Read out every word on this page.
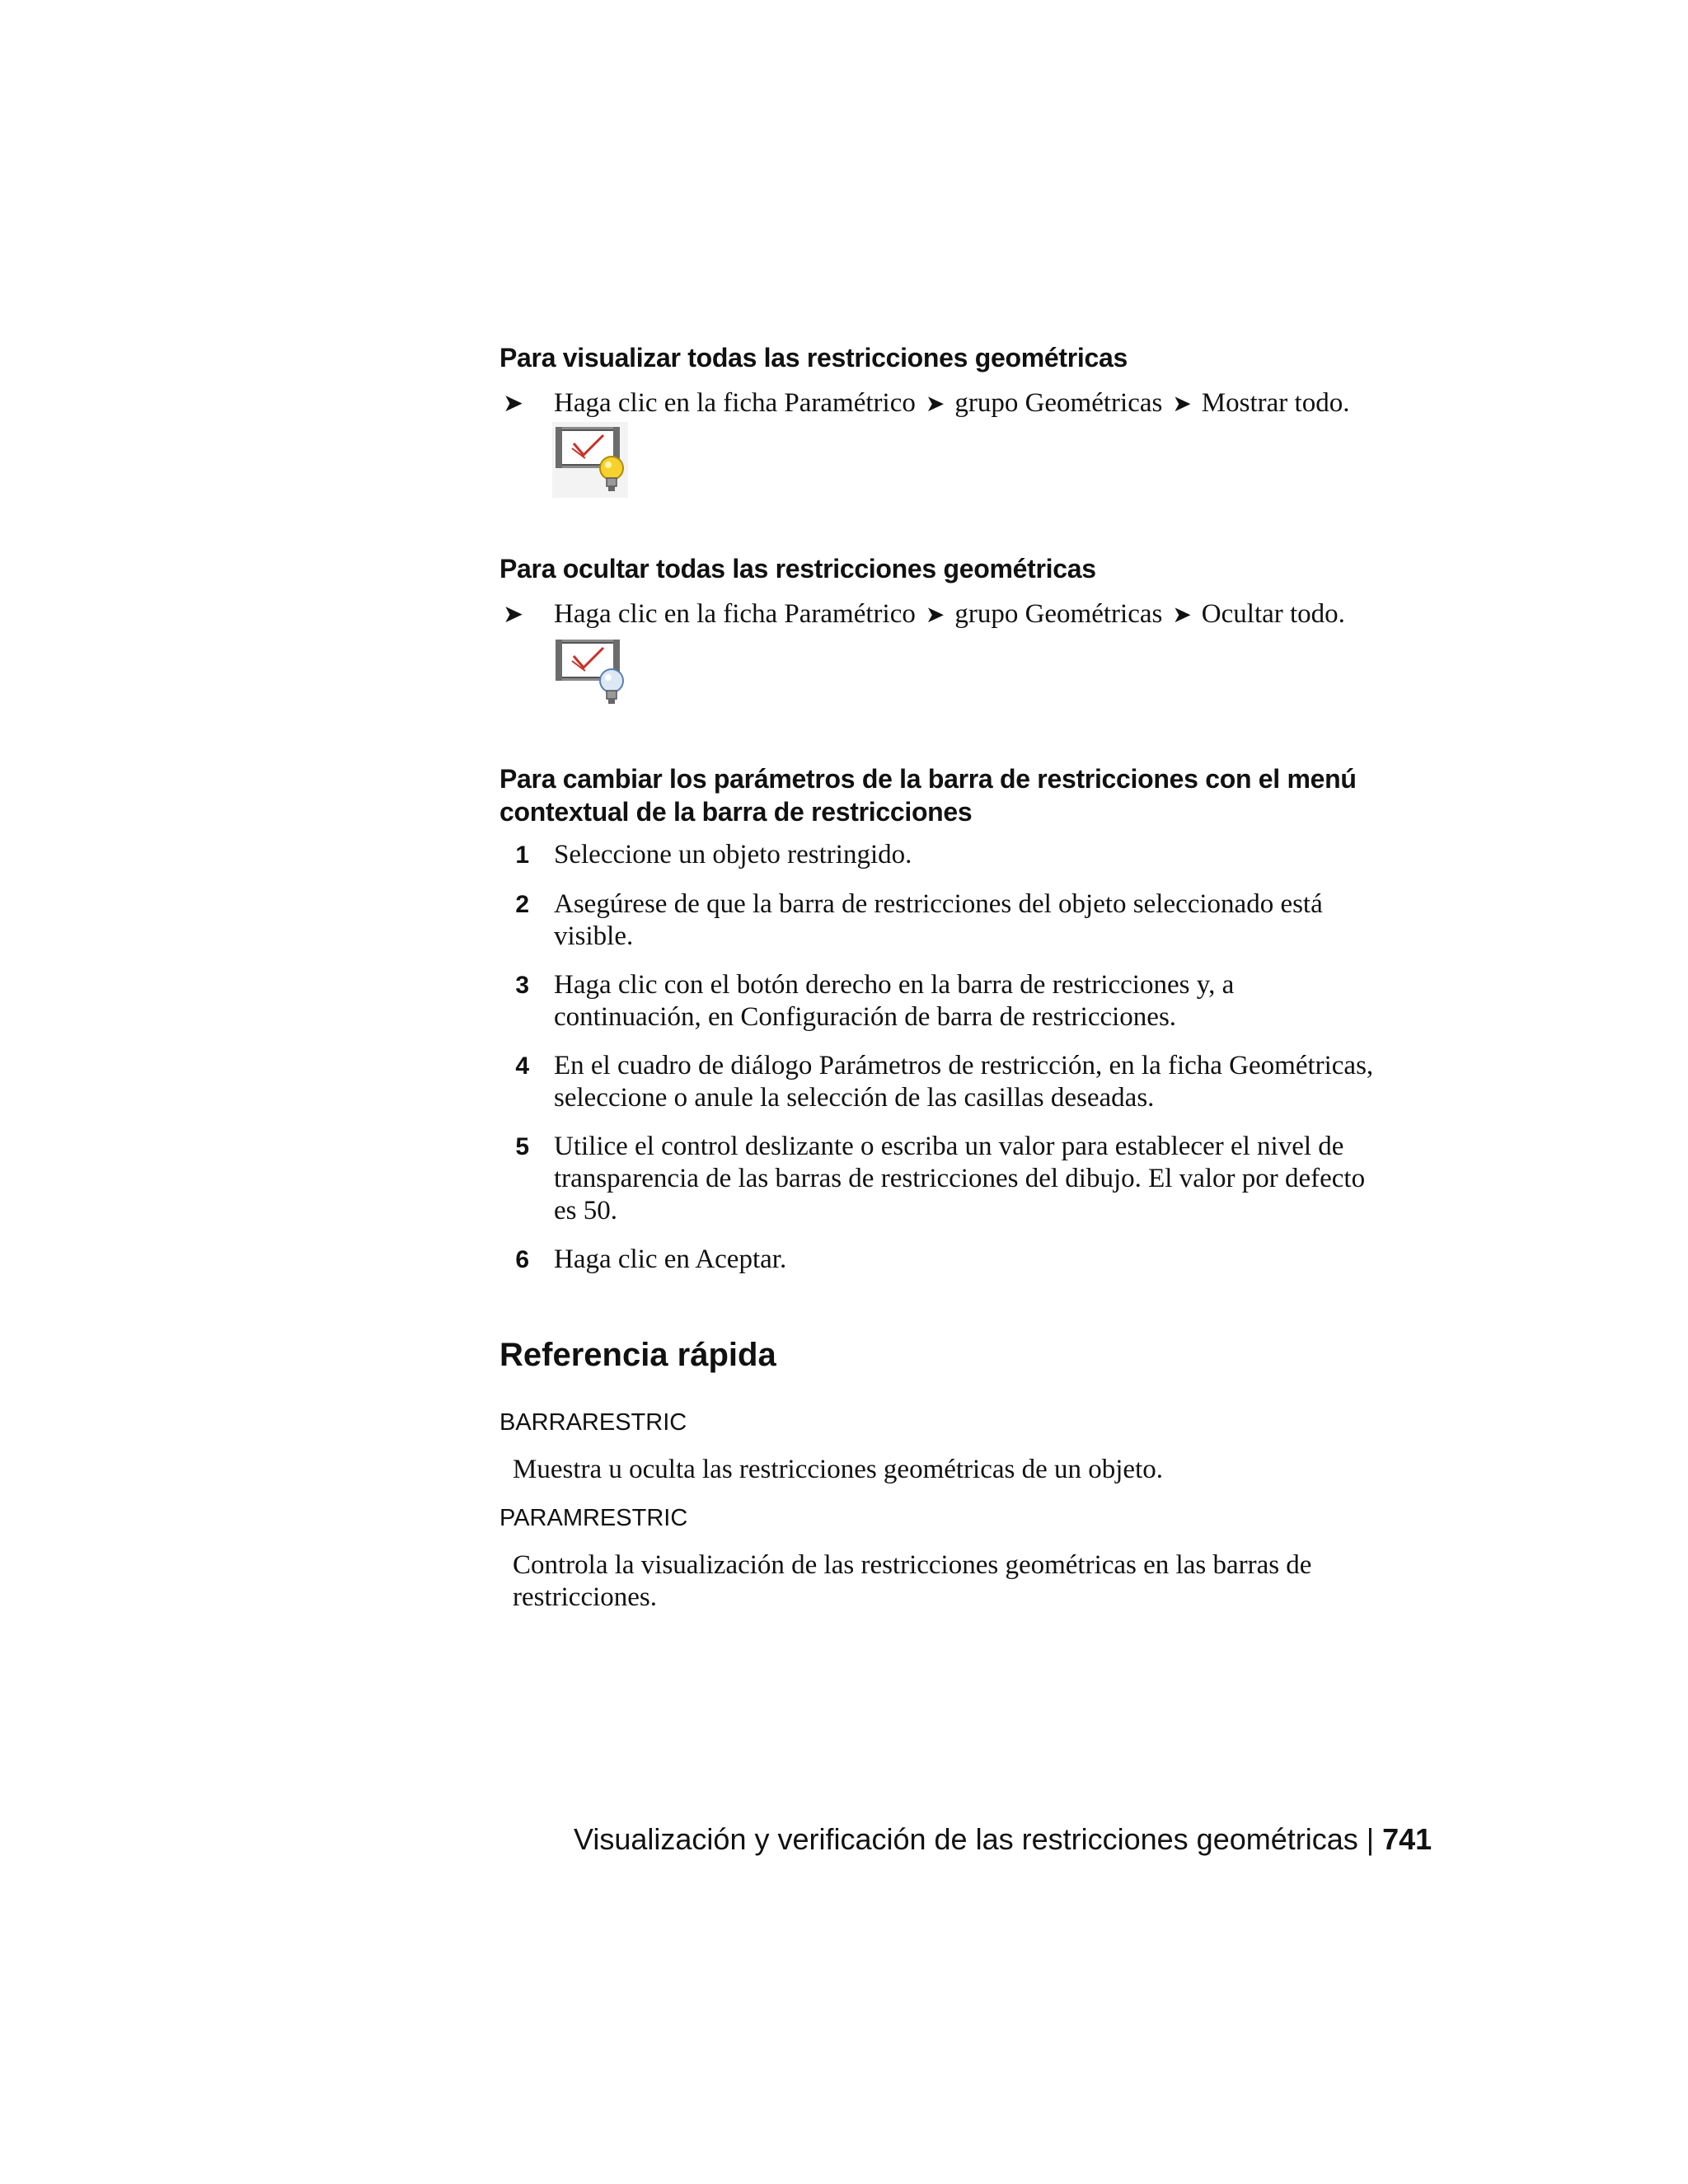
Para visualizar todas las restricciones geométricas
➤ Haga clic en la ficha Paramétrico ➤ grupo Geométricas ➤ Mostrar todo.
Para ocultar todas las restricciones geométricas
➤ Haga clic en la ficha Paramétrico ➤ grupo Geométricas ➤ Ocultar todo.
Para cambiar los parámetros de la barra de restricciones con el menú
contextual de la barra de restricciones
1 Seleccione un objeto restringido.
2 Asegúrese de que la barra de restricciones del objeto seleccionado está
visible.
3 Haga clic con el botón derecho en la barra de restricciones y, a
continuación, en Configuración de barra de restricciones.
4 En el cuadro de diálogo Parámetros de restricción, en la ficha Geométricas,
seleccione o anule la selección de las casillas deseadas.
5 Utilice el control deslizante o escriba un valor para establecer el nivel de
transparencia de las barras de restricciones del dibujo. El valor por defecto
es 50.
6 Haga clic en Aceptar.
Referencia rápida
BARRARESTRIC
Muestra u oculta las restricciones geométricas de un objeto.
PARAMRESTRIC
Controla la visualización de las restricciones geométricas en las barras de
restricciones.
Visualización y verificación de las restricciones geométricas | 741
